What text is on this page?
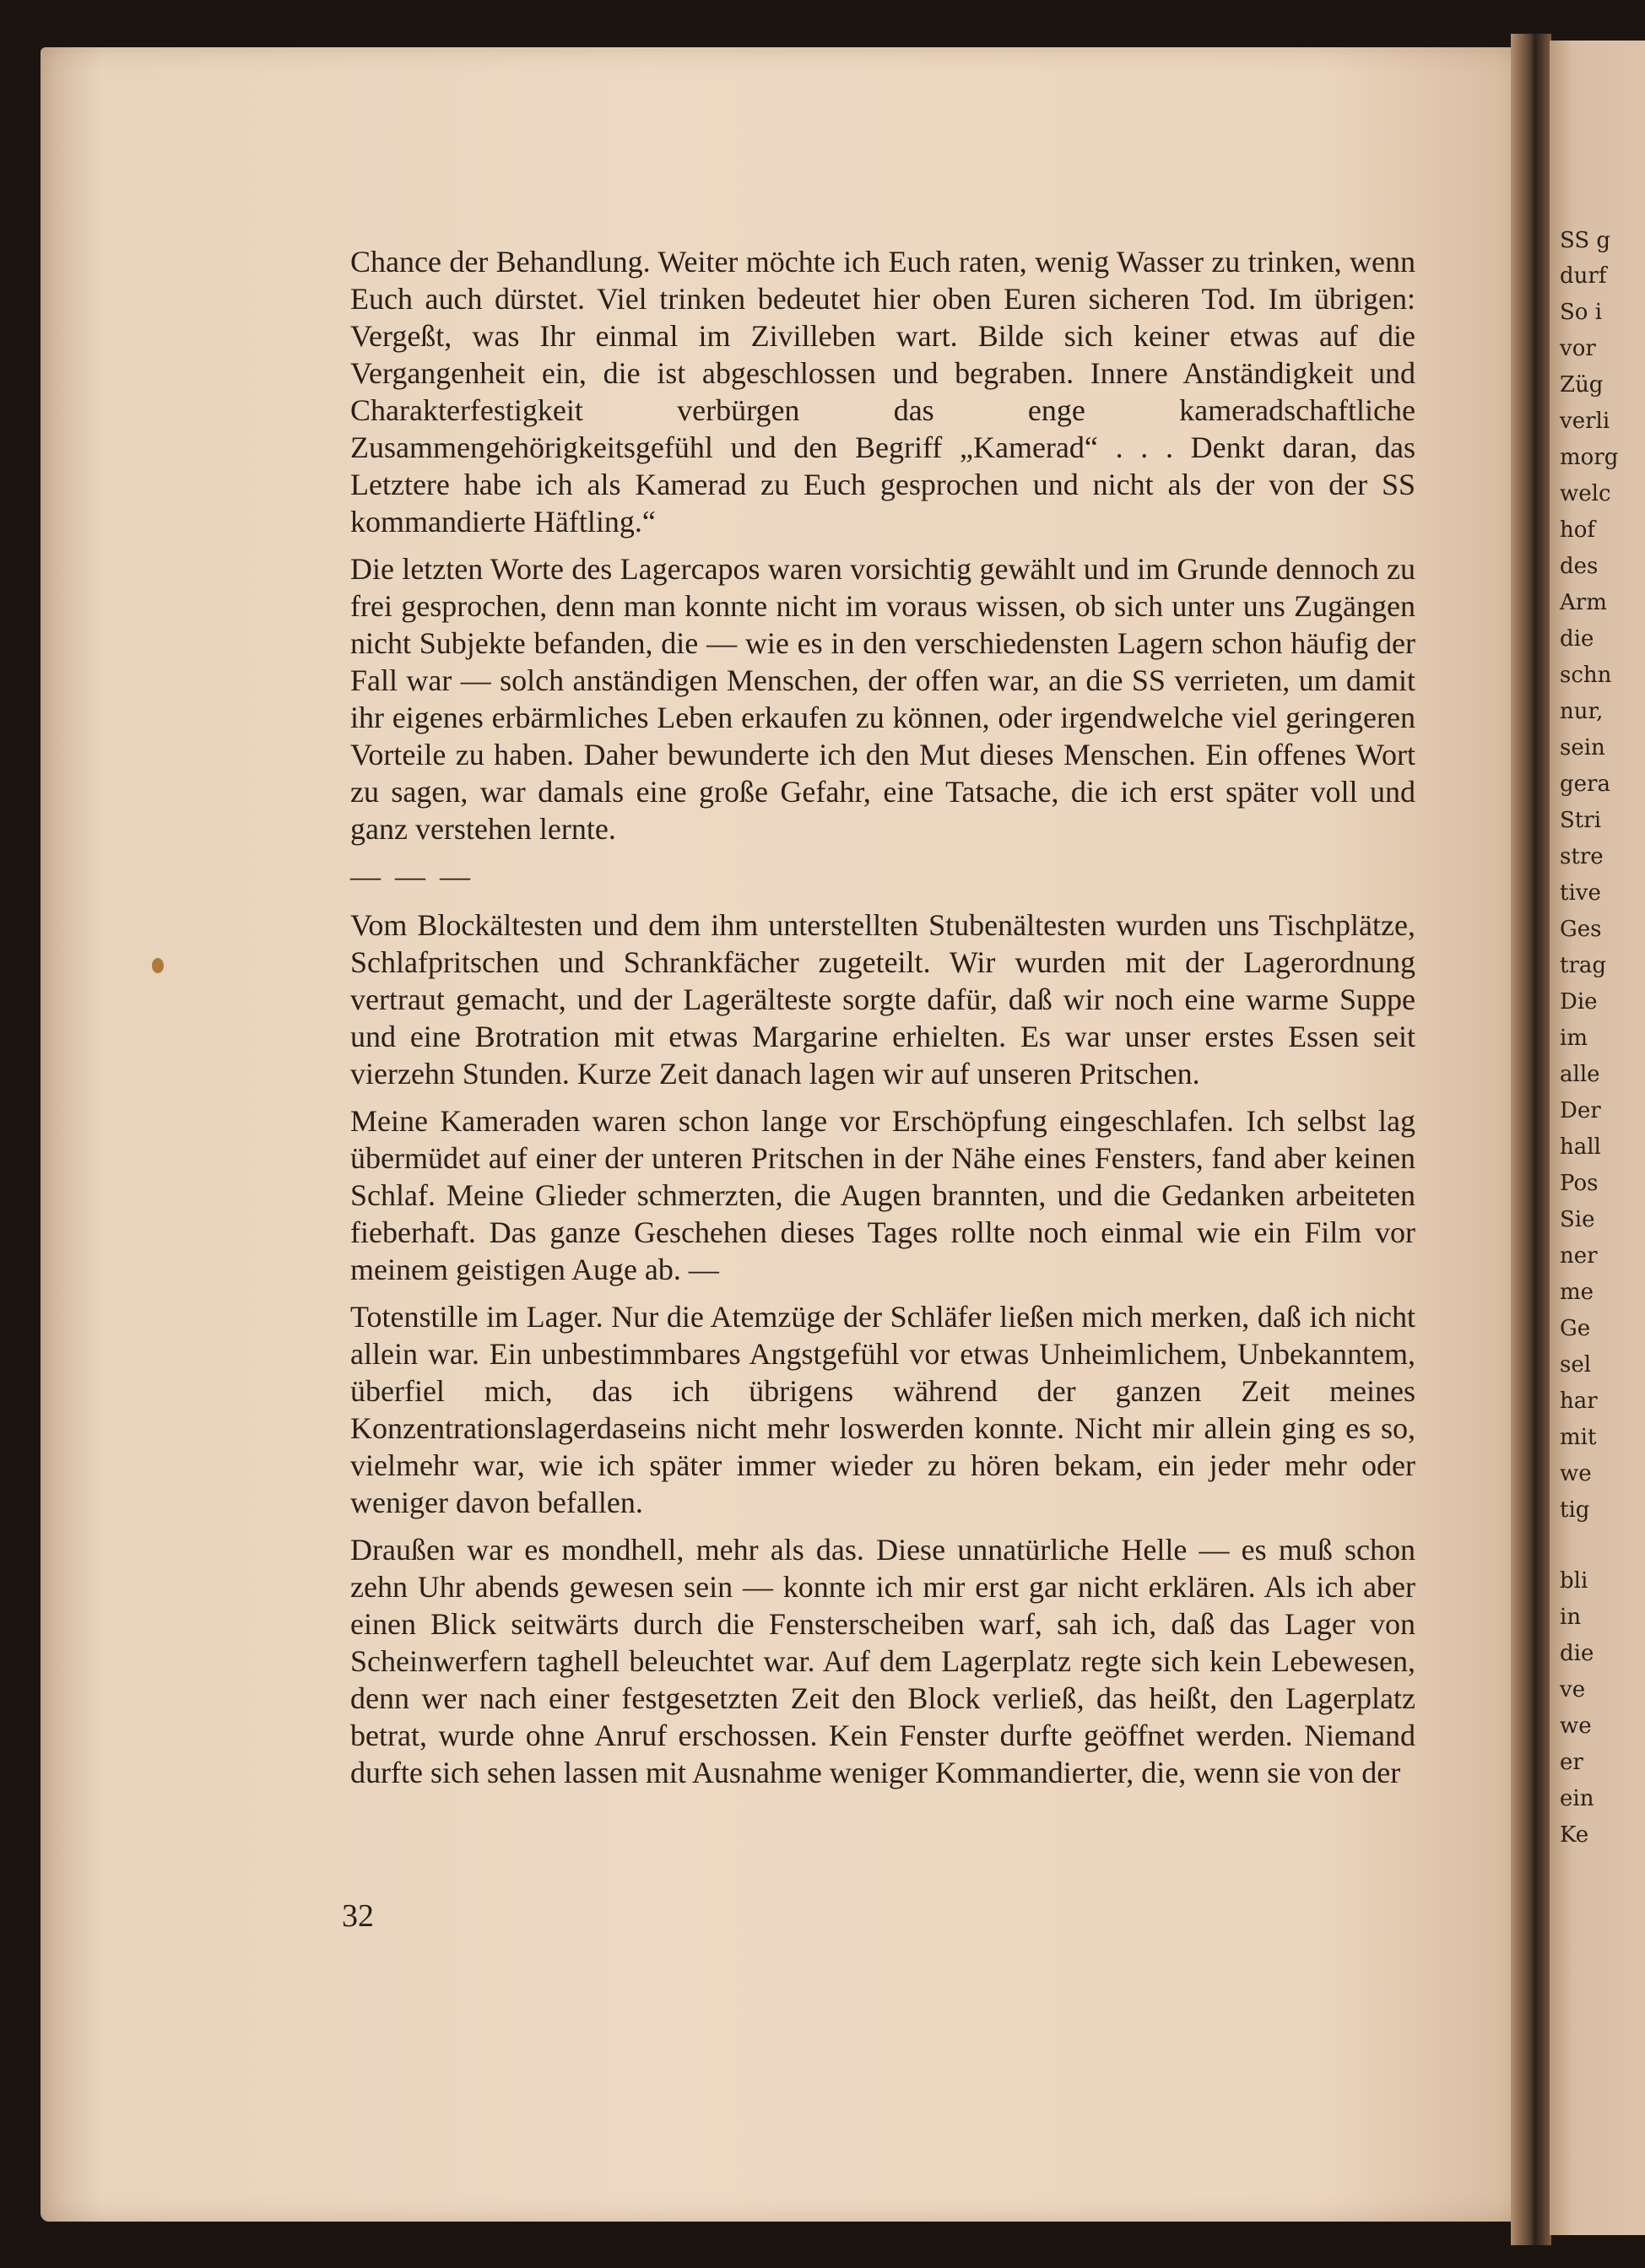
SS g

durf

So i

vor

Züg

verli

morg

welc

hof

des

Arm

die

schn

nur,

sein

gera

Stri

stre

tive

Ges

trag

Die

im

alle

Der

hall

Pos

Sie

ner

me

Ge

sel

har

mit

we

tig

bli

in

die

ve

we

er

ein

Ke

Chance der Behandlung. Weiter möchte ich Euch raten, wenig Wasser zu trinken, wenn Euch auch dürstet. Viel trinken bedeutet hier oben Euren sicheren Tod. Im übrigen: Vergeßt, was Ihr einmal im Zivilleben wart. Bilde sich keiner etwas auf die Vergangenheit ein, die ist abgeschlossen und begraben. Innere Anständigkeit und Charakterfestigkeit verbürgen das enge kameradschaftliche Zusammengehörigkeitsgefühl und den Begriff „Kamerad“ . . . Denkt daran, das Letztere habe ich als Kamerad zu Euch gesprochen und nicht als der von der SS kommandierte Häftling.“

Die letzten Worte des Lagercapos waren vorsichtig gewählt und im Grunde dennoch zu frei gesprochen, denn man konnte nicht im voraus wissen, ob sich unter uns Zugängen nicht Subjekte befanden, die — wie es in den verschiedensten Lagern schon häufig der Fall war — solch anständigen Menschen, der offen war, an die SS verrieten, um damit ihr eigenes erbärmliches Leben erkaufen zu können, oder irgendwelche viel geringeren Vorteile zu haben. Daher bewunderte ich den Mut dieses Menschen. Ein offenes Wort zu sagen, war damals eine große Gefahr, eine Tatsache, die ich erst später voll und ganz verstehen lernte.

— — —

Vom Blockältesten und dem ihm unterstellten Stubenältesten wurden uns Tischplätze, Schlafpritschen und Schrankfächer zugeteilt. Wir wurden mit der Lagerordnung vertraut gemacht, und der Lagerälteste sorgte dafür, daß wir noch eine warme Suppe und eine Brotration mit etwas Margarine erhielten. Es war unser erstes Essen seit vierzehn Stunden. Kurze Zeit danach lagen wir auf unseren Pritschen.

Meine Kameraden waren schon lange vor Erschöpfung eingeschlafen. Ich selbst lag übermüdet auf einer der unteren Pritschen in der Nähe eines Fensters, fand aber keinen Schlaf. Meine Glieder schmerzten, die Augen brannten, und die Gedanken arbeiteten fieberhaft. Das ganze Geschehen dieses Tages rollte noch einmal wie ein Film vor meinem geistigen Auge ab. —

Totenstille im Lager. Nur die Atemzüge der Schläfer ließen mich merken, daß ich nicht allein war. Ein unbestimmbares Angstgefühl vor etwas Unheimlichem, Unbekanntem, überfiel mich, das ich übrigens während der ganzen Zeit meines Konzentrationslagerdaseins nicht mehr loswerden konnte. Nicht mir allein ging es so, vielmehr war, wie ich später immer wieder zu hören bekam, ein jeder mehr oder weniger davon befallen.

Draußen war es mondhell, mehr als das. Diese unnatürliche Helle — es muß schon zehn Uhr abends gewesen sein — konnte ich mir erst gar nicht erklären. Als ich aber einen Blick seitwärts durch die Fensterscheiben warf, sah ich, daß das Lager von Scheinwerfern taghell beleuchtet war. Auf dem Lagerplatz regte sich kein Lebewesen, denn wer nach einer festgesetzten Zeit den Block verließ, das heißt, den Lagerplatz betrat, wurde ohne Anruf erschossen. Kein Fenster durfte geöffnet werden. Niemand durfte sich sehen lassen mit Ausnahme weniger Kommandierter, die, wenn sie von der

32
